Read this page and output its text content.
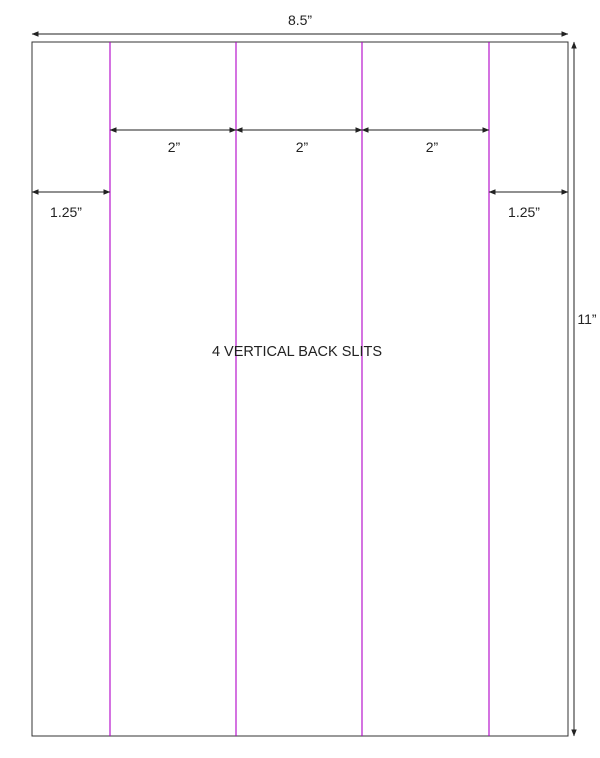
8.5”
11”
1.25”
2”	2”	2”
1.25”
4 VERTICAL BACK SLITS
